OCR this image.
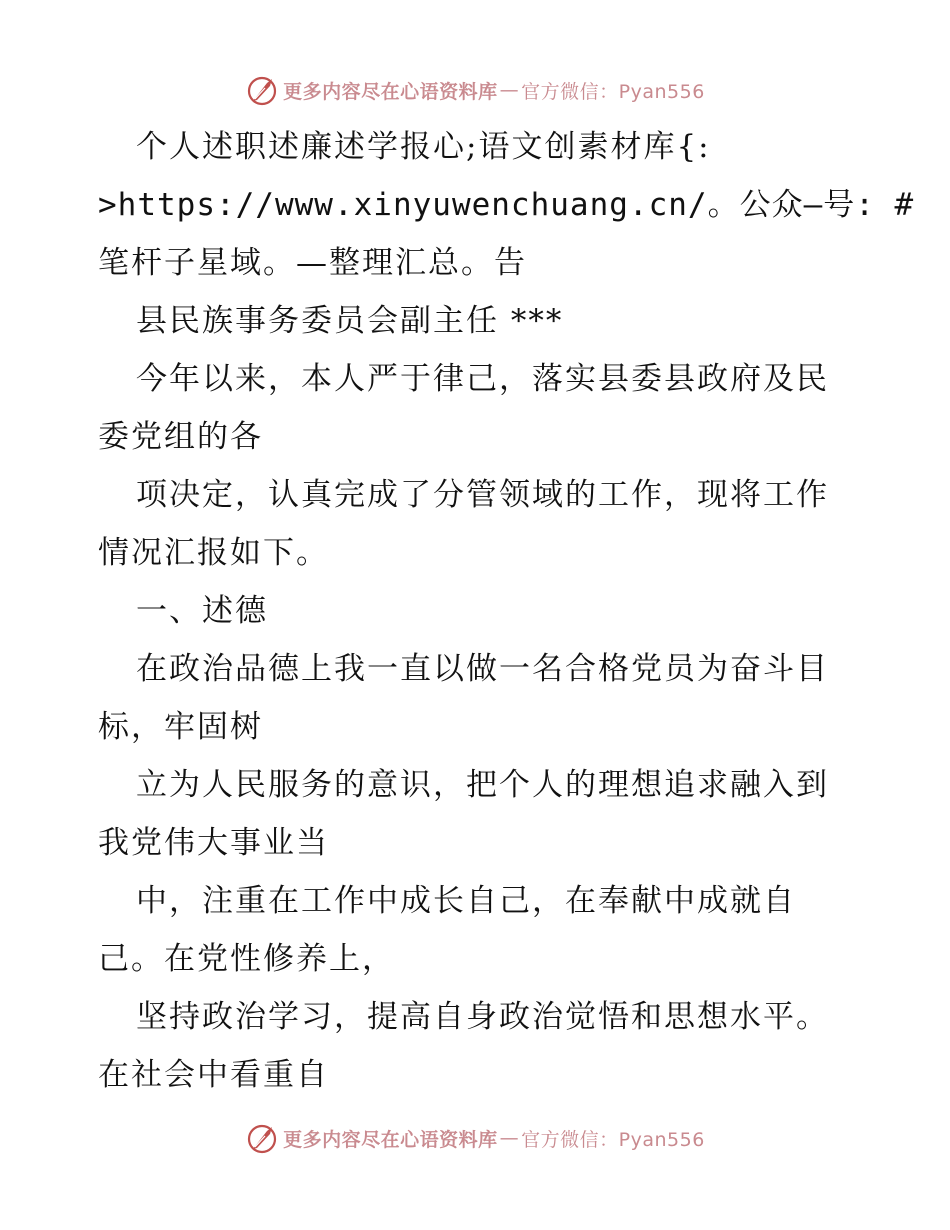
更多内容尽在心语资料库 — 官方微信：Pyan556
个人述职述廉述学报心;语文创素材库{:
>https://www.xinyuwenchuang.cn/。公众—号: #
笔杆子星域。—整理汇总。告
县民族事务委员会副主任 ***
今年以来，本人严于律己，落实县委县政府及民
委党组的各
项决定，认真完成了分管领域的工作，现将工作
情况汇报如下。
一、述德
在政治品德上我一直以做一名合格党员为奋斗目
标，牢固树
立为人民服务的意识，把个人的理想追求融入到
我党伟大事业当
中，注重在工作中成长自己，在奉献中成就自
己。在党性修养上，
坚持政治学习，提高自身政治觉悟和思想水平。
在社会中看重自
更多内容尽在心语资料库 — 官方微信：Pyan556
